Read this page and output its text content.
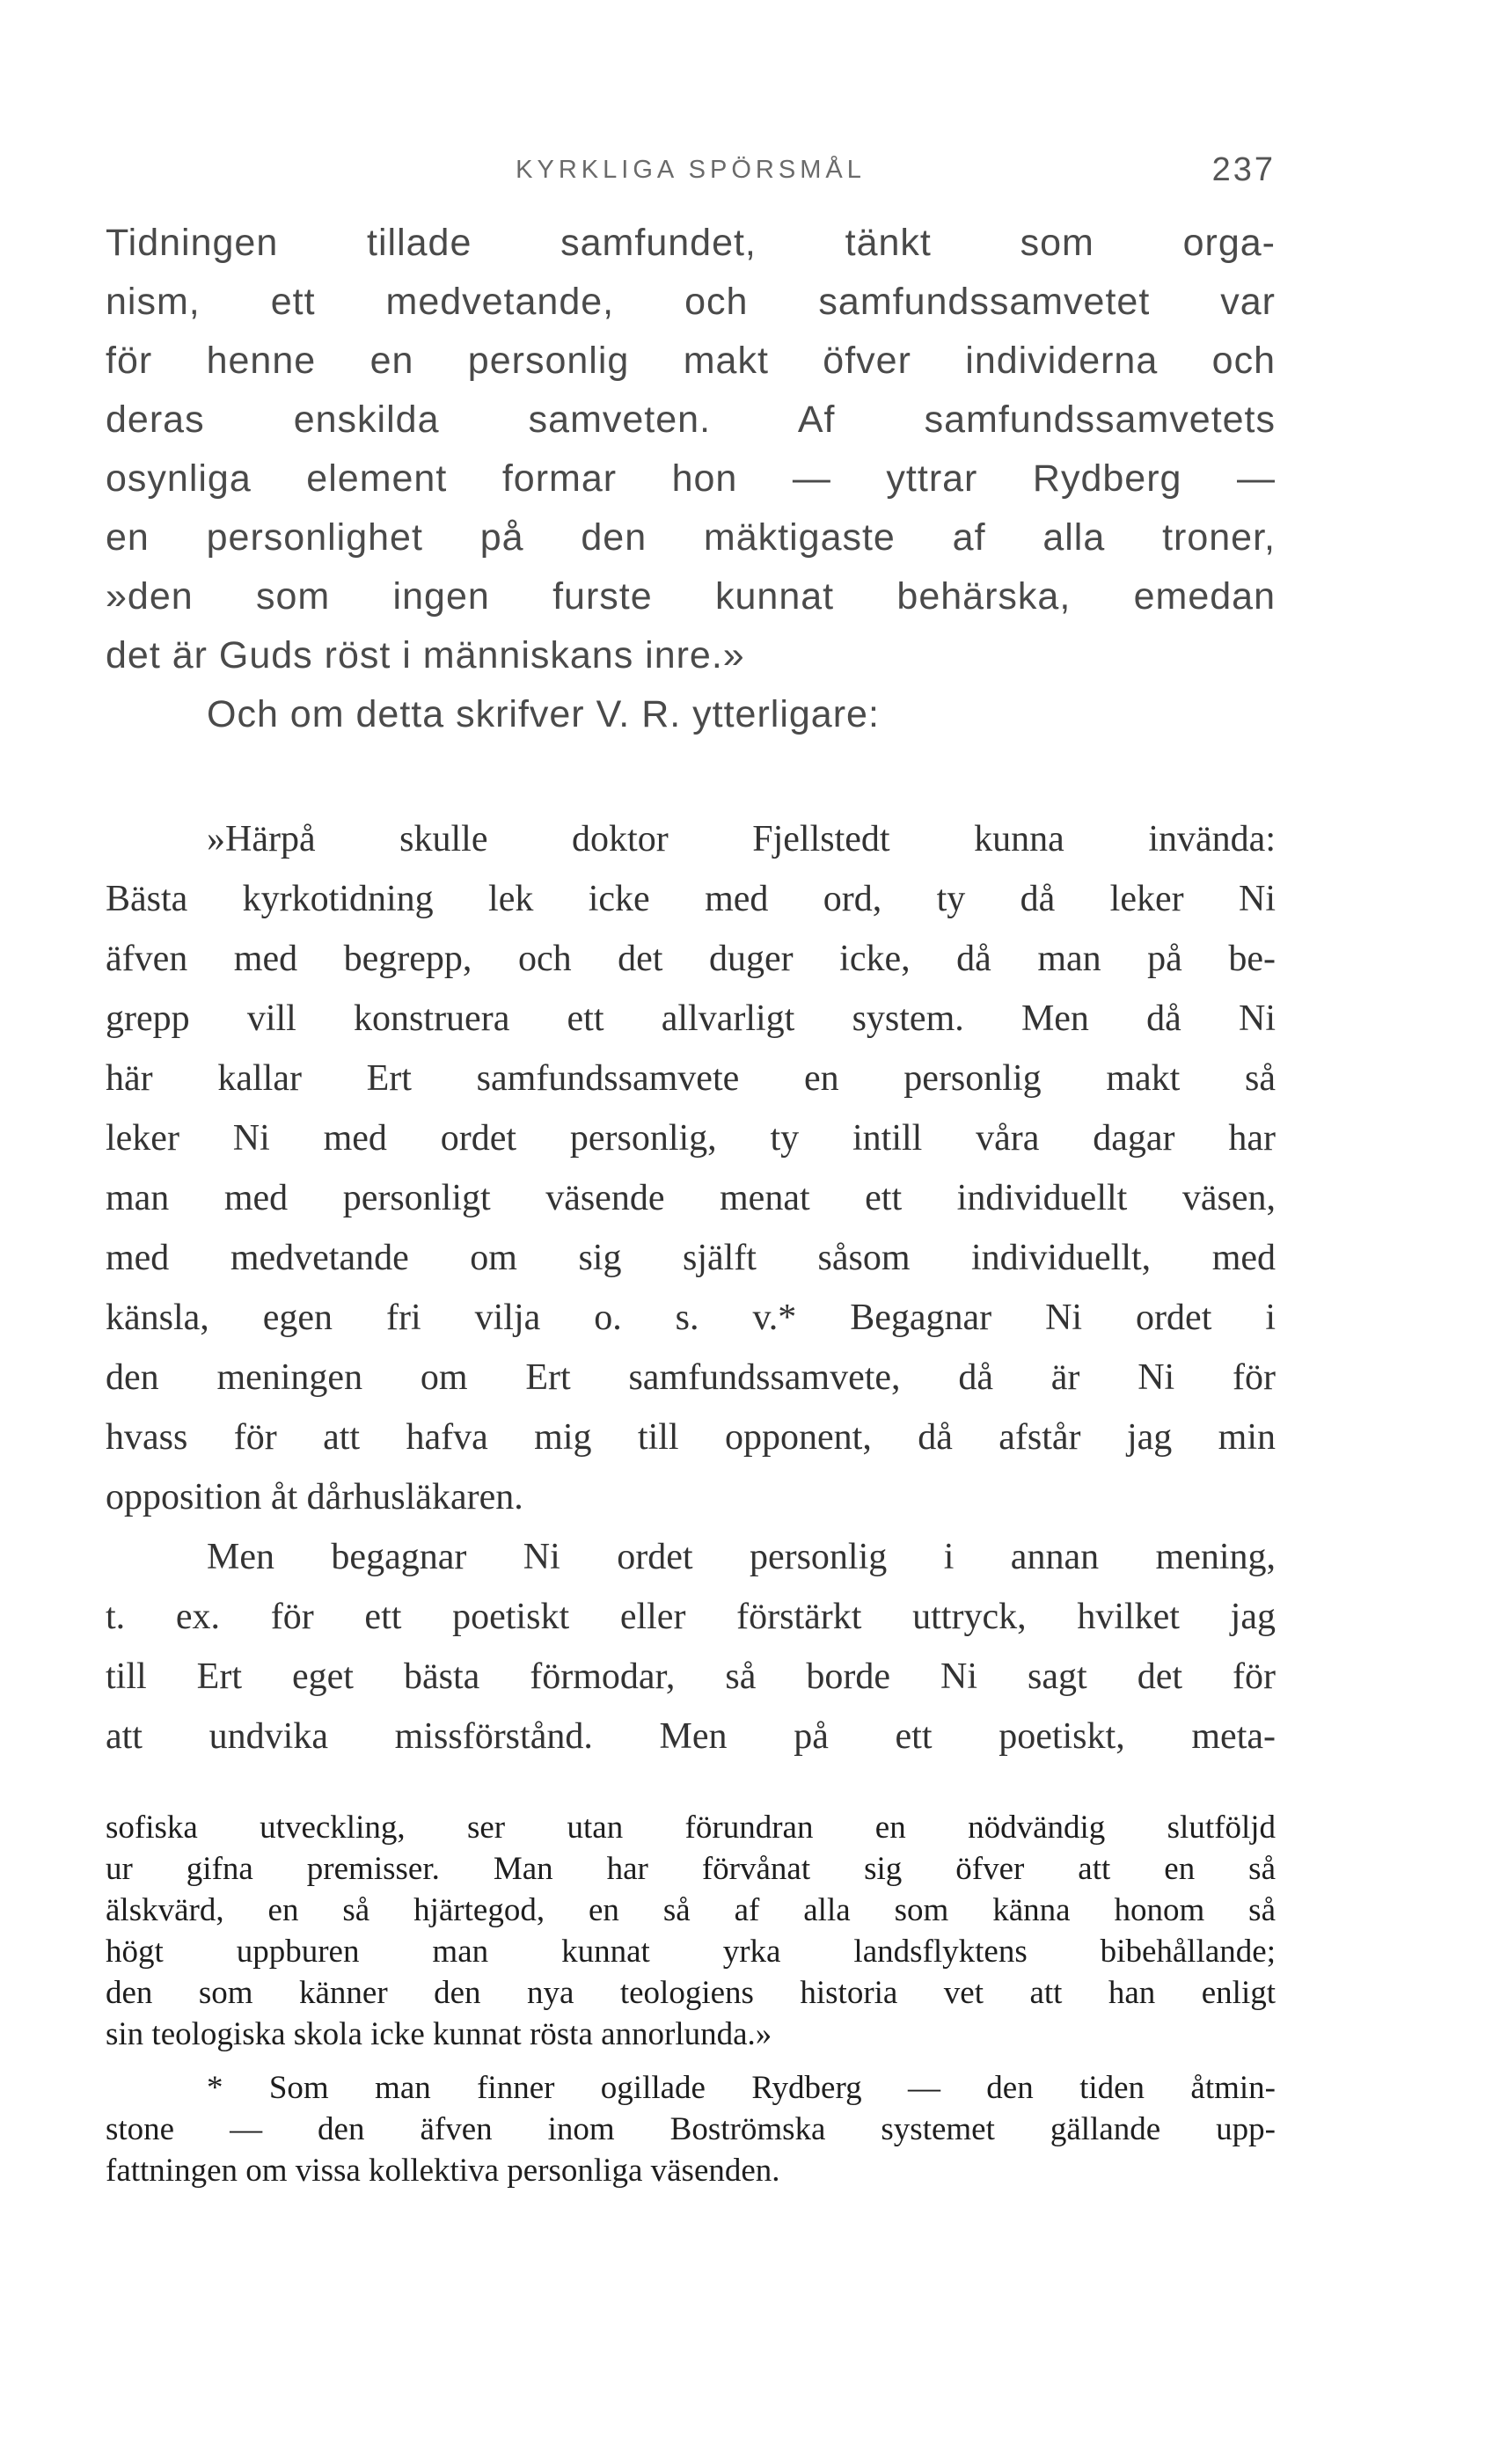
KYRKLIGA SPÖRSMÅL	237
Tidningen tillade samfundet, tänkt som orga-
nism, ett medvetande, och samfundssamvetet var
för henne en personlig makt öfver individerna och
deras enskilda samveten. Af samfundssamvetets
osynliga element formar hon — yttrar Rydberg —
en personlighet på den mäktigaste af alla troner,
»den som ingen furste kunnat behärska, emedan
det är Guds röst i människans inre.»
Och om detta skrifver V. R. ytterligare:
»Härpå skulle doktor Fjellstedt kunna invända:
Bästa kyrkotidning lek icke med ord, ty då leker Ni
äfven med begrepp, och det duger icke, då man på be-
grepp vill konstruera ett allvarligt system. Men då Ni
här kallar Ert samfundssamvete en personlig makt så
leker Ni med ordet personlig, ty intill våra dagar har
man med personligt väsende menat ett individuellt väsen,
med medvetande om sig själft såsom individuellt, med
känsla, egen fri vilja o. s. v.* Begagnar Ni ordet i
den meningen om Ert samfundssamvete, då är Ni för
hvass för att hafva mig till opponent, då afstår jag min
opposition åt dårhusläkaren.
Men begagnar Ni ordet personlig i annan mening,
t. ex. för ett poetiskt eller förstärkt uttryck, hvilket jag
till Ert eget bästa förmodar, så borde Ni sagt det för
att undvika missförstånd. Men på ett poetiskt, meta-
sofiska utveckling, ser utan förundran en nödvändig slutföljd
ur gifna premisser. Man har förvånat sig öfver att en så
älskvärd, en så hjärtegod, en så af alla som känna honom så
högt uppburen man kunnat yrka landsflyktens bibehållande;
den som känner den nya teologiens historia vet att han enligt
sin teologiska skola icke kunnat rösta annorlunda.»
* Som man finner ogillade Rydberg — den tiden åtmin-
stone — den äfven inom Boströmska systemet gällande upp-
fattningen om vissa kollektiva personliga väsenden.
